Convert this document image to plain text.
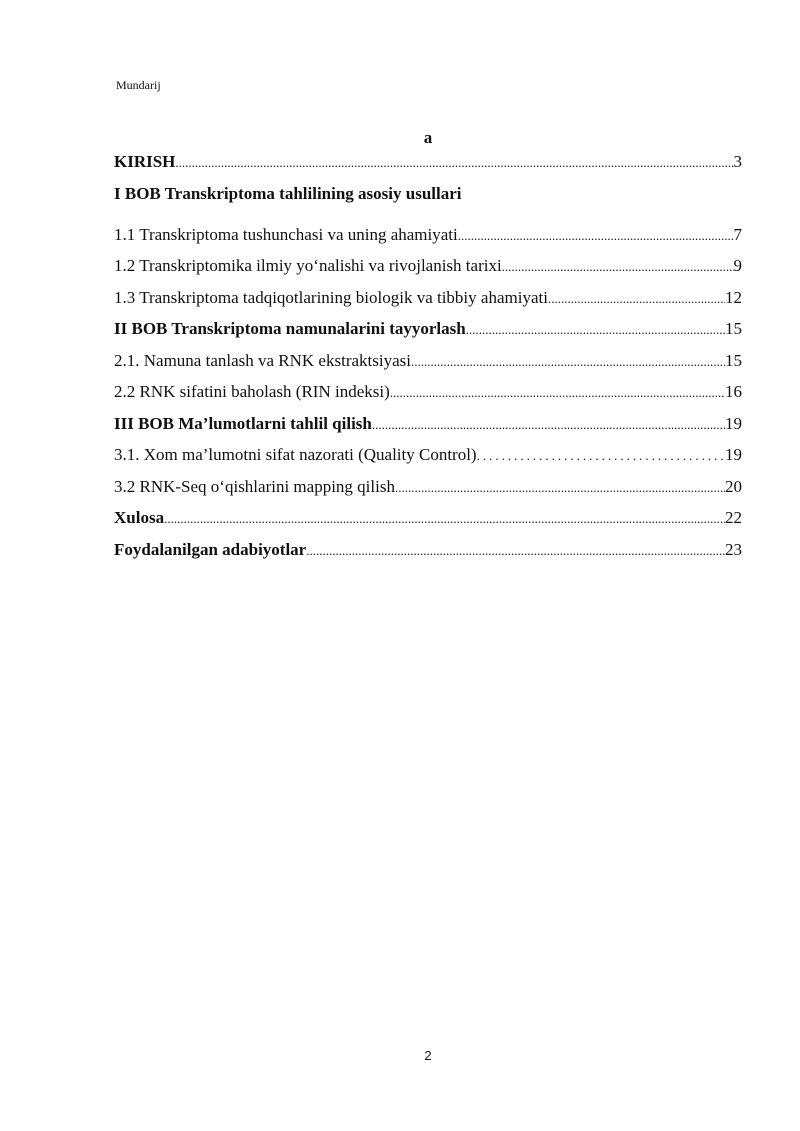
Mundarij
a
KIRISH .....	3
I BOB Transkriptoma tahlilining asosiy usullari
1.1 Transkriptoma tushunchasi va uning ahamiyati .....	7
1.2 Transkriptomika ilmiy yo‘nalishi va rivojlanish tarixi .....	9
1.3 Transkriptoma tadqiqotlarining biologik va tibbiy ahamiyati .....	12
II BOB Transkriptoma namunalarini tayyorlash .....	15
2.1. Namuna tanlash va RNK ekstraktsiyasi .....	15
2.2 RNK sifatini baholash (RIN indeksi) .....	16
III BOB Ma’lumotlarni tahlil qilish .....	19
3.1. Xom ma’lumotni sifat nazorati (Quality Control) .....	19
3.2 RNK-Seq o‘qishlarini mapping qilish .....	20
Xulosa .....	22
Foydalanilgan adabiyotlar .....	23
2
